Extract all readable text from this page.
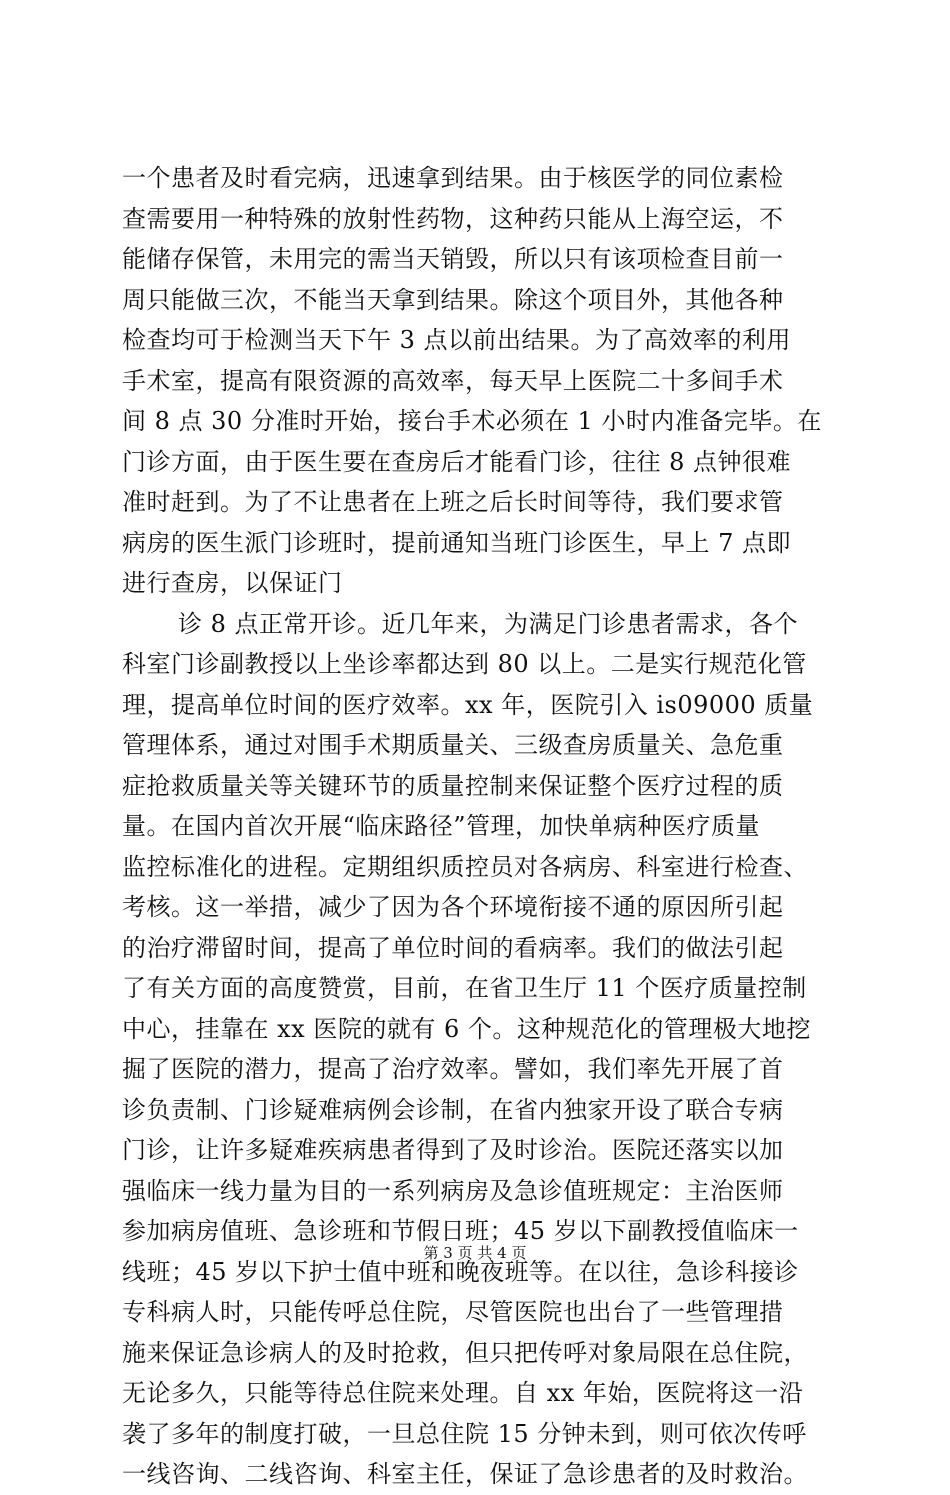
一个患者及时看完病，迅速拿到结果。由于核医学的同位素检
查需要用一种特殊的放射性药物，这种药只能从上海空运，不
能储存保管，未用完的需当天销毁，所以只有该项检查目前一
周只能做三次，不能当天拿到结果。除这个项目外，其他各种
检查均可于检测当天下午 3 点以前出结果。为了高效率的利用
手术室，提高有限资源的高效率，每天早上医院二十多间手术
间 8 点 30 分准时开始，接台手术必须在 1 小时内准备完毕。在
门诊方面，由于医生要在查房后才能看门诊，往往 8 点钟很难
准时赶到。为了不让患者在上班之后长时间等待，我们要求管
病房的医生派门诊班时，提前通知当班门诊医生，早上 7 点即
进行查房，以保证门
诊 8 点正常开诊。近几年来，为满足门诊患者需求，各个
科室门诊副教授以上坐诊率都达到 80 以上。二是实行规范化管
理，提高单位时间的医疗效率。xx 年，医院引入 is09000 质量
管理体系，通过对围手术期质量关、三级查房质量关、急危重
症抢救质量关等关键环节的质量控制来保证整个医疗过程的质
量。在国内首次开展“临床路径”管理，加快单病种医疗质量
监控标准化的进程。定期组织质控员对各病房、科室进行检查、
考核。这一举措，减少了因为各个环境衔接不通的原因所引起
的治疗滞留时间，提高了单位时间的看病率。我们的做法引起
了有关方面的高度赞赏，目前，在省卫生厅 11 个医疗质量控制
中心，挂靠在 xx 医院的就有 6 个。这种规范化的管理极大地挖
掘了医院的潜力，提高了治疗效率。譬如，我们率先开展了首
诊负责制、门诊疑难病例会诊制，在省内独家开设了联合专病
门诊，让许多疑难疾病患者得到了及时诊治。医院还落实以加
强临床一线力量为目的一系列病房及急诊值班规定：主治医师
参加病房值班、急诊班和节假日班；45 岁以下副教授值临床一
线班；45 岁以下护士值中班和晚夜班等。在以往，急诊科接诊
专科病人时，只能传呼总住院，尽管医院也出台了一些管理措
施来保证急诊病人的及时抢救，但只把传呼对象局限在总住院，
无论多久，只能等待总住院来处理。自 xx 年始，医院将这一沿
袭了多年的制度打破，一旦总住院 15 分钟未到，则可依次传呼
一线咨询、二线咨询、科室主任，保证了急诊患者的及时救治。
第 3 页 共 4 页
